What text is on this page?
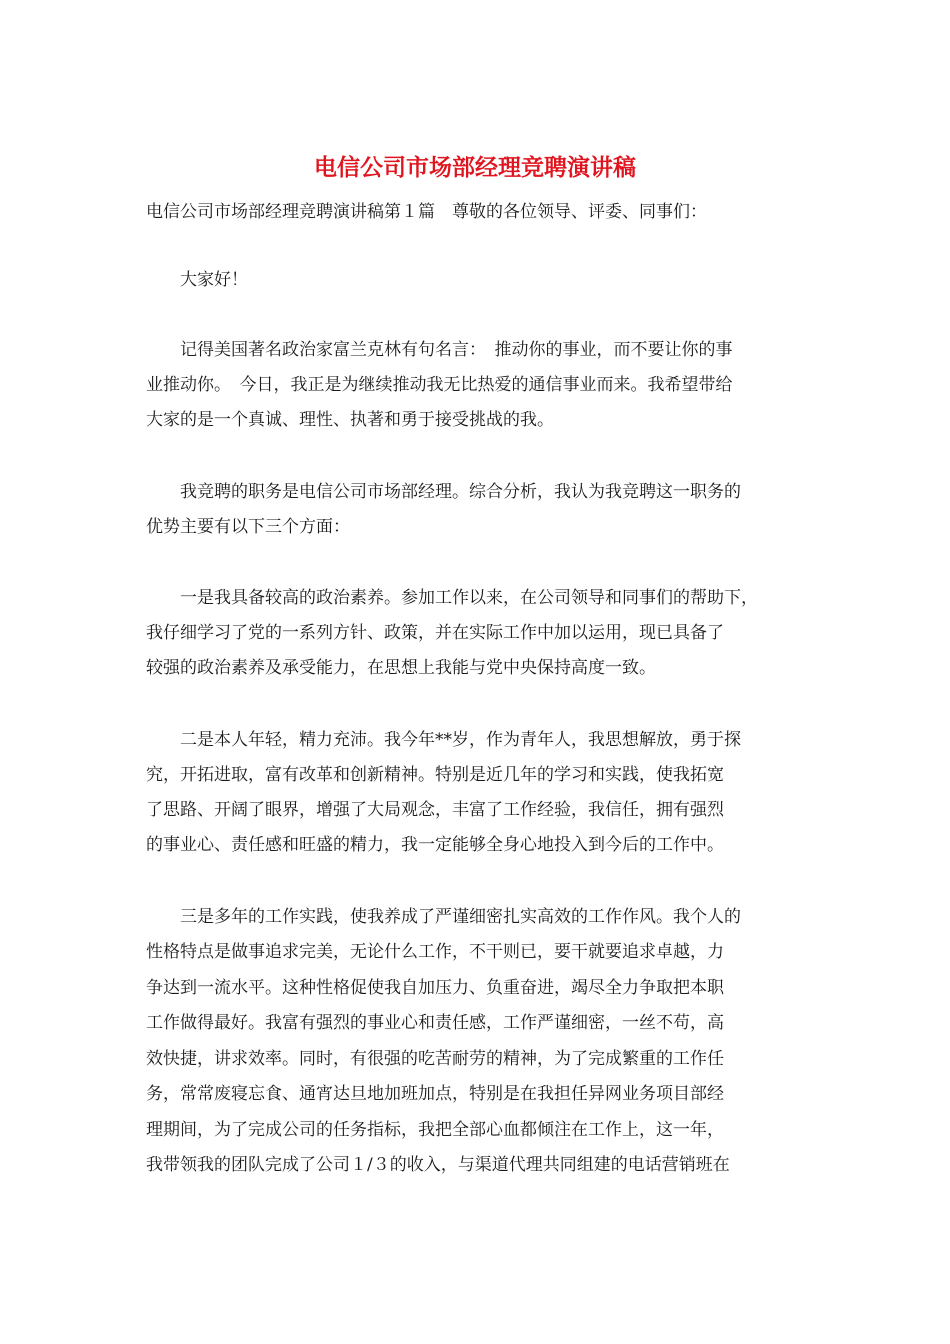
电信公司市场部经理竞聘演讲稿

电信公司市场部经理竞聘演讲稿第１篇　尊敬的各位领导、评委、同事们：

　　大家好！

　　记得美国著名政治家富兰克林有句名言：　推动你的事业，而不要让你的事

业推动你。　今日，我正是为继续推动我无比热爱的通信事业而来。我希望带给

大家的是一个真诚、理性、执著和勇于接受挑战的我。

　　我竞聘的职务是电信公司市场部经理。综合分析，我认为我竞聘这一职务的

优势主要有以下三个方面：

　　一是我具备较高的政治素养。参加工作以来，在公司领导和同事们的帮助下，

我仔细学习了党的一系列方针、政策，并在实际工作中加以运用，现已具备了

较强的政治素养及承受能力，在思想上我能与党中央保持高度一致。

　　二是本人年轻，精力充沛。我今年**岁，作为青年人，我思想解放，勇于探

究，开拓进取，富有改革和创新精神。特别是近几年的学习和实践，使我拓宽

了思路、开阔了眼界，增强了大局观念，丰富了工作经验，我信任，拥有强烈

的事业心、责任感和旺盛的精力，我一定能够全身心地投入到今后的工作中。

　　三是多年的工作实践，使我养成了严谨细密扎实高效的工作作风。我个人的

性格特点是做事追求完美，无论什么工作，不干则已，要干就要追求卓越，力

争达到一流水平。这种性格促使我自加压力、负重奋进，竭尽全力争取把本职

工作做得最好。我富有强烈的事业心和责任感，工作严谨细密，一丝不苟，高

效快捷，讲求效率。同时，有很强的吃苦耐劳的精神，为了完成繁重的工作任

务，常常废寝忘食、通宵达旦地加班加点，特别是在我担任异网业务项目部经

理期间，为了完成公司的任务指标，我把全部心血都倾注在工作上，这一年，

我带领我的团队完成了公司１/３的收入，与渠道代理共同组建的电话营销班在
